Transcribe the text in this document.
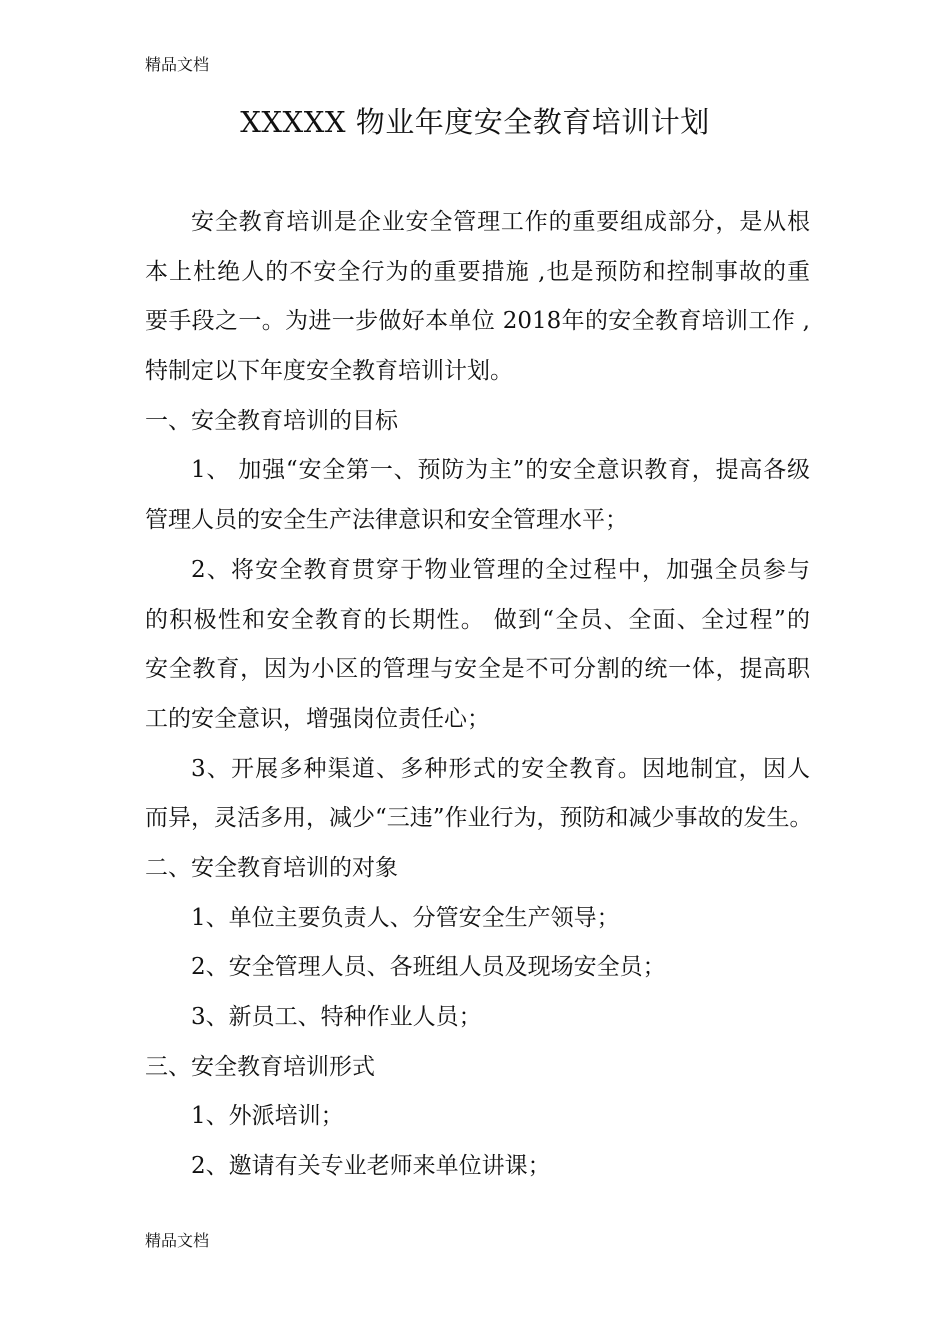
精品文档
XXXXX 物业年度安全教育培训计划
安全教育培训是企业安全管理工作的重要组成部分，是从根
本上杜绝人的不安全行为的重要措施 ,也是预防和控制事故的重
要手段之一。为进一步做好本单位 2018年的安全教育培训工作 ,
特制定以下年度安全教育培训计划。
一、安全教育培训的目标
1、 加强“安全第一、预防为主”的安全意识教育，提高各级
管理人员的安全生产法律意识和安全管理水平；
2、将安全教育贯穿于物业管理的全过程中，加强全员参与
的积极性和安全教育的长期性。 做到“全员、全面、全过程”的
安全教育，因为小区的管理与安全是不可分割的统一体，提高职
工的安全意识，增强岗位责任心；
3、开展多种渠道、多种形式的安全教育。因地制宜，因人
而异，灵活多用，减少“三违”作业行为，预防和减少事故的发生。
二、安全教育培训的对象
1、单位主要负责人、分管安全生产领导；
2、安全管理人员、各班组人员及现场安全员；
3、新员工、特种作业人员；
三、安全教育培训形式
1、外派培训；
2、邀请有关专业老师来单位讲课；
精品文档
